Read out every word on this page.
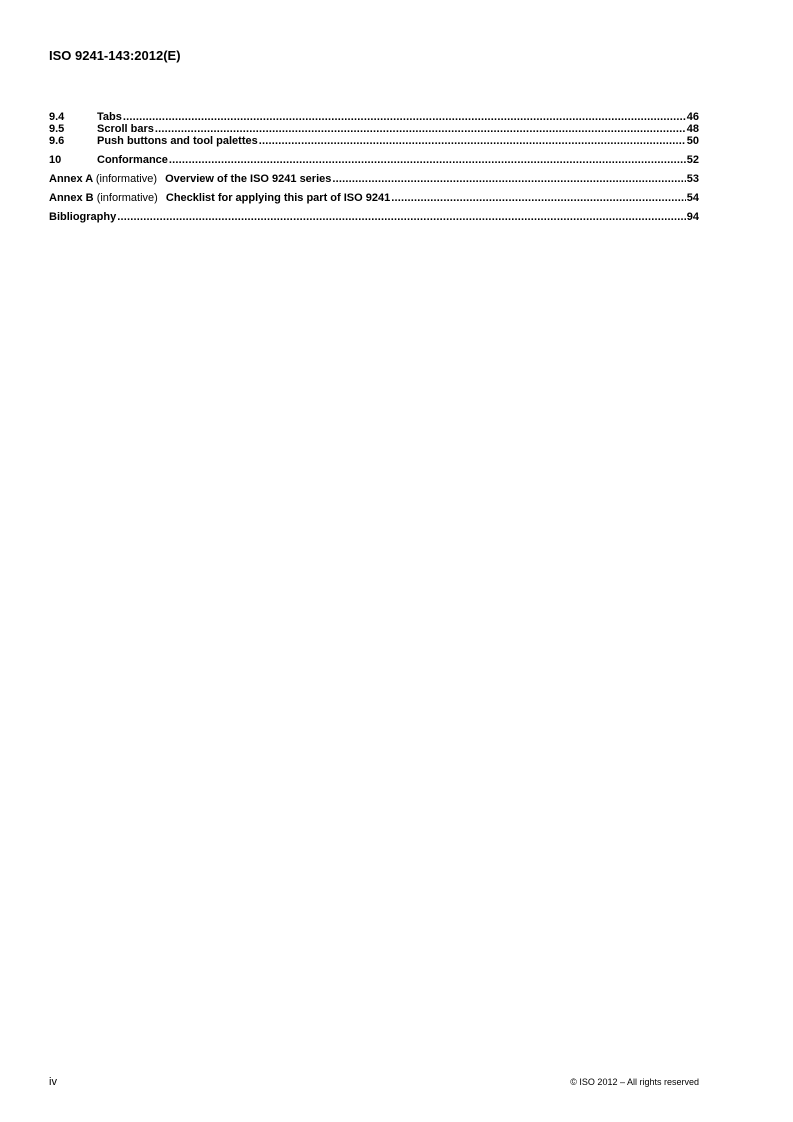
ISO 9241-143:2012(E)
9.4	Tabs .....	46
9.5	Scroll bars .....	48
9.6	Push buttons and tool palettes .....	50
10	Conformance .....	52
Annex A (informative) Overview of the ISO 9241 series .....	53
Annex B (informative) Checklist for applying this part of ISO 9241 .....	54
Bibliography .....	94
iv	© ISO 2012 – All rights reserved
